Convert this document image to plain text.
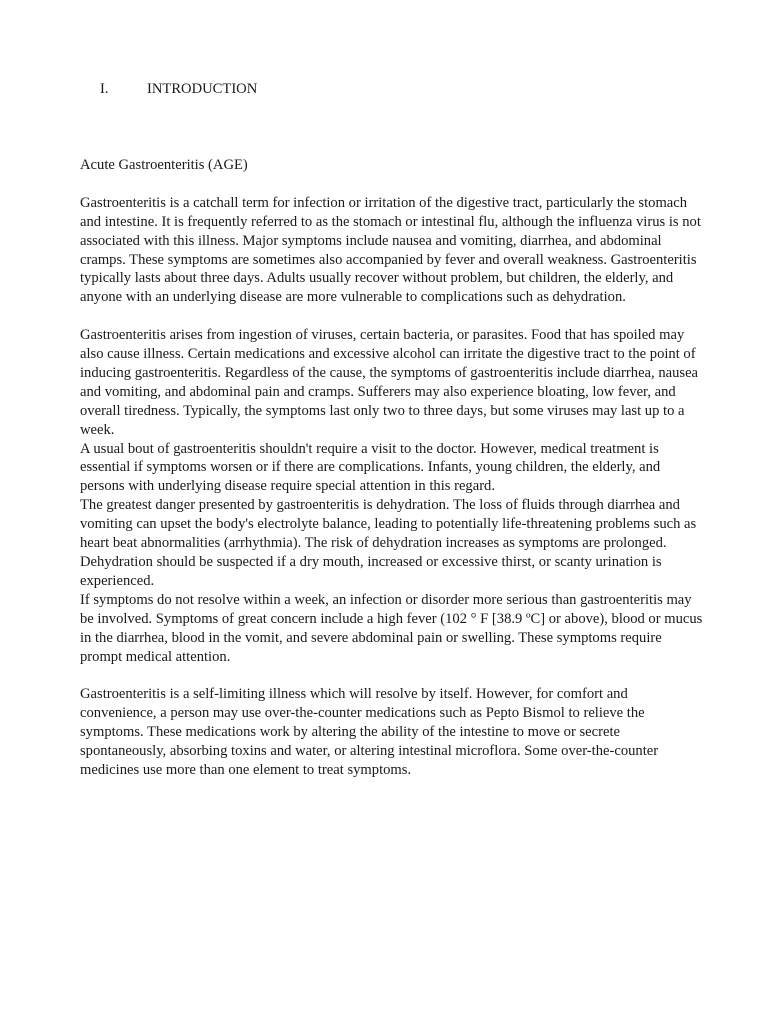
I.	INTRODUCTION

Acute Gastroenteritis (AGE)

Gastroenteritis is a catchall term for infection or irritation of the digestive tract, particularly the stomach and intestine. It is frequently referred to as the stomach or intestinal flu, although the influenza virus is not associated with this illness. Major symptoms include nausea and vomiting, diarrhea, and abdominal cramps. These symptoms are sometimes also accompanied by fever and overall weakness. Gastroenteritis typically lasts about three days. Adults usually recover without problem, but children, the elderly, and anyone with an underlying disease are more vulnerable to complications such as dehydration.

Gastroenteritis arises from ingestion of viruses, certain bacteria, or parasites. Food that has spoiled may also cause illness. Certain medications and excessive alcohol can irritate the digestive tract to the point of inducing gastroenteritis. Regardless of the cause, the symptoms of gastroenteritis include diarrhea, nausea and vomiting, and abdominal pain and cramps. Sufferers may also experience bloating, low fever, and overall tiredness. Typically, the symptoms last only two to three days, but some viruses may last up to a week.

A usual bout of gastroenteritis shouldn't require a visit to the doctor. However, medical treatment is essential if symptoms worsen or if there are complications. Infants, young children, the elderly, and persons with underlying disease require special attention in this regard.

The greatest danger presented by gastroenteritis is dehydration. The loss of fluids through diarrhea and vomiting can upset the body's electrolyte balance, leading to potentially life-threatening problems such as heart beat abnormalities (arrhythmia). The risk of dehydration increases as symptoms are prolonged. Dehydration should be suspected if a dry mouth, increased or excessive thirst, or scanty urination is experienced.

If symptoms do not resolve within a week, an infection or disorder more serious than gastroenteritis may be involved. Symptoms of great concern include a high fever (102 ° F [38.9 ºC] or above), blood or mucus in the diarrhea, blood in the vomit, and severe abdominal pain or swelling. These symptoms require prompt medical attention.

Gastroenteritis is a self-limiting illness which will resolve by itself. However, for comfort and convenience, a person may use over-the-counter medications such as Pepto Bismol to relieve the symptoms. These medications work by altering the ability of the intestine to move or secrete spontaneously, absorbing toxins and water, or altering intestinal microflora. Some over-the-counter medicines use more than one element to treat symptoms.
